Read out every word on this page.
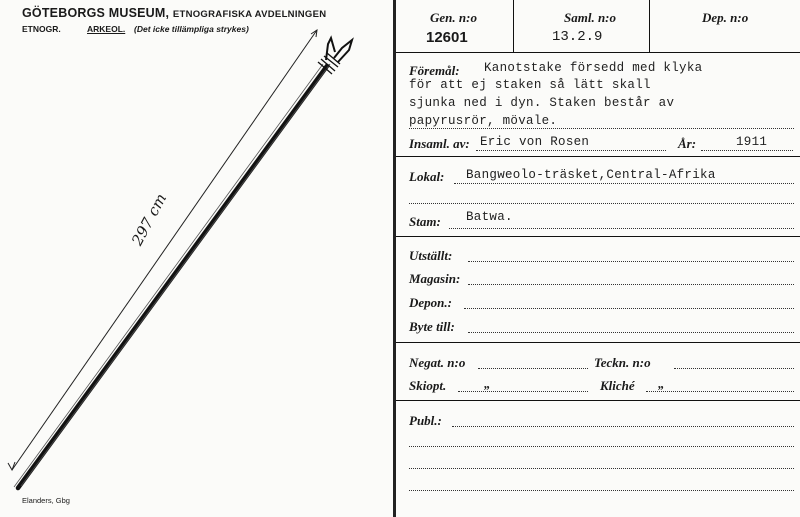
GÖTEBORGS MUSEUM, ETNOGRAFISKA AVDELNINGEN
ETNOGR.	ARKEOL. (Det icke tillämpliga strykes)
297 cm
Elanders, Gbg
Gen. n:o	Saml. n:o	Dep. n:o
12601	13.2.9
Föremål: Kanotstake försedd med klyka
för att ej staken så lätt skall
sjunka ned i dyn. Staken består av
papyrusrör, mövale.
Insaml. av: Eric von Rosen	År:	1911
Lokal: Bangweolo-träsket,Central-Afrika
Stam: Batwa.
Utställt:
Magasin:
Depon.:
Byte till:
Negat. n:o	Teckn. n:o
Skiopt.	„	Kliché „
Publ.:
